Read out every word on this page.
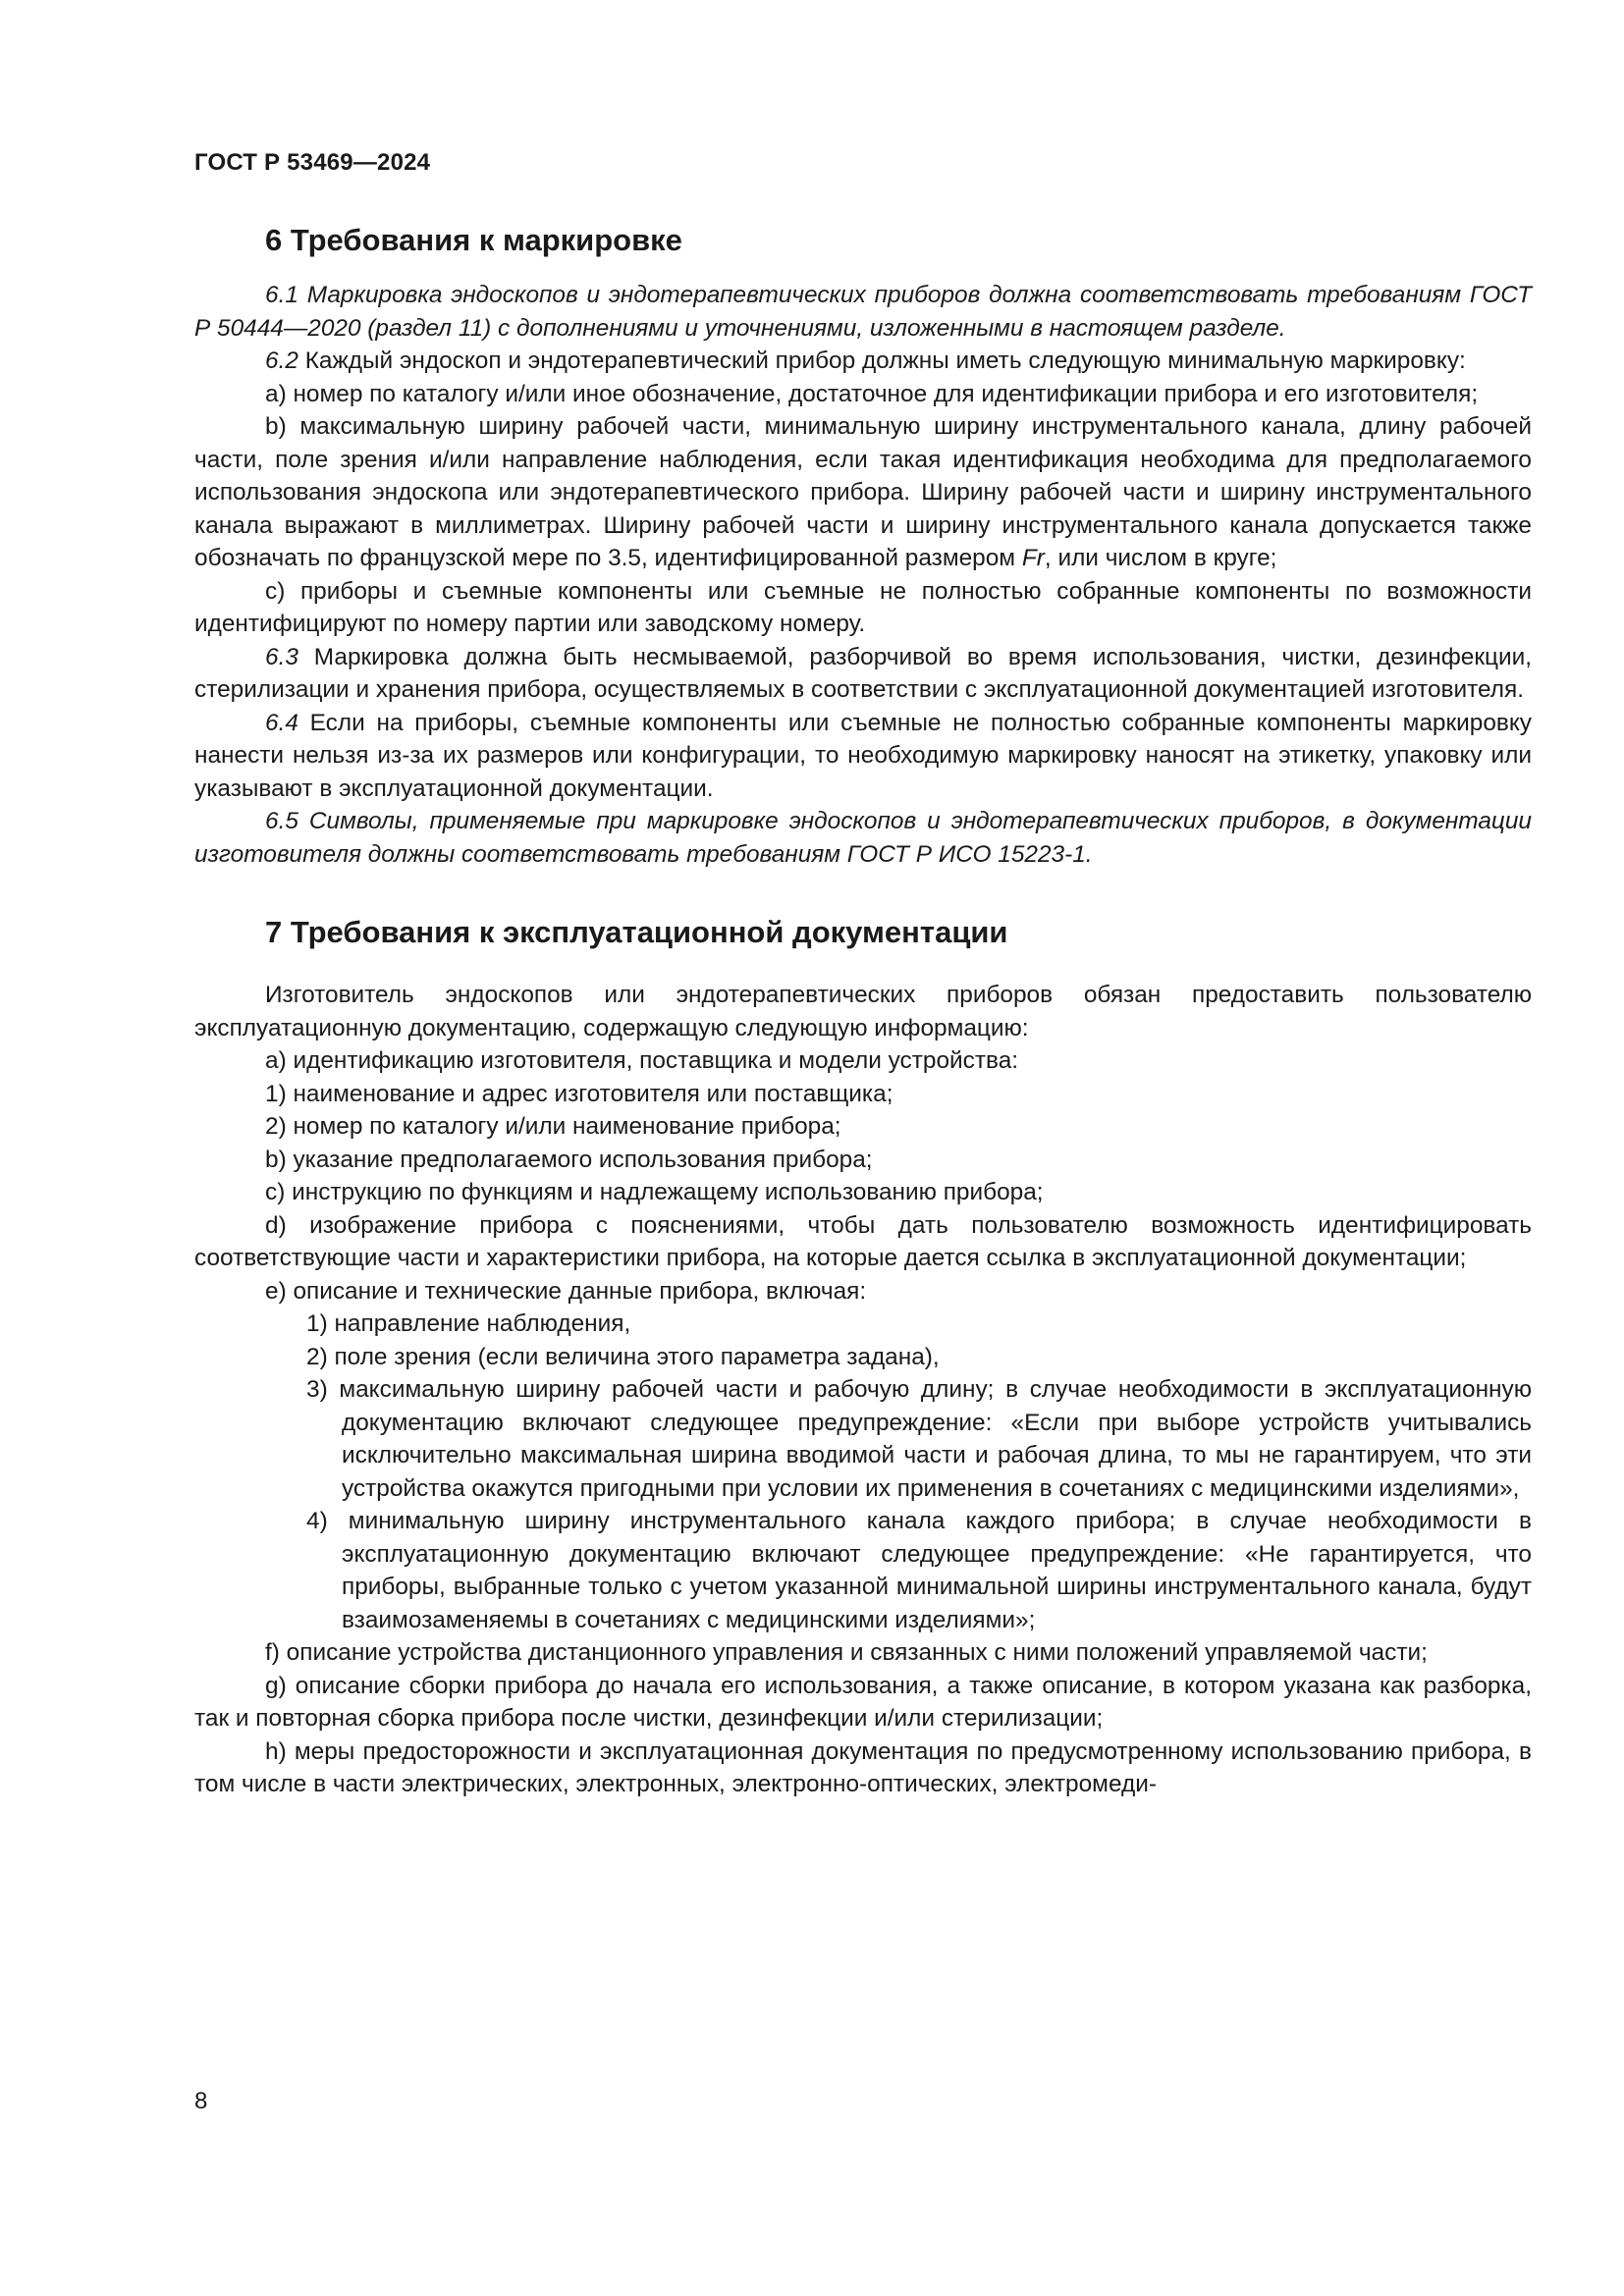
ГОСТ Р 53469—2024
6 Требования к маркировке

6.1 Маркировка эндоскопов и эндотерапевтических приборов должна соответствовать требованиям ГОСТ Р 50444—2020 (раздел 11) с дополнениями и уточнениями, изложенными в настоящем разделе.

6.2 Каждый эндоскоп и эндотерапевтический прибор должны иметь следующую минимальную маркировку:

а) номер по каталогу и/или иное обозначение, достаточное для идентификации прибора и его изготовителя;

b) максимальную ширину рабочей части, минимальную ширину инструментального канала, длину рабочей части, поле зрения и/или направление наблюдения, если такая идентификация необходима для предполагаемого использования эндоскопа или эндотерапевтического прибора. Ширину рабочей части и ширину инструментального канала выражают в миллиметрах. Ширину рабочей части и ширину инструментального канала допускается также обозначать по французской мере по 3.5, идентифицированной размером Fr, или числом в круге;

с) приборы и съемные компоненты или съемные не полностью собранные компоненты по возможности идентифицируют по номеру партии или заводскому номеру.

6.3 Маркировка должна быть несмываемой, разборчивой во время использования, чистки, дезинфекции, стерилизации и хранения прибора, осуществляемых в соответствии с эксплуатационной документацией изготовителя.

6.4 Если на приборы, съемные компоненты или съемные не полностью собранные компоненты маркировку нанести нельзя из-за их размеров или конфигурации, то необходимую маркировку наносят на этикетку, упаковку или указывают в эксплуатационной документации.

6.5 Символы, применяемые при маркировке эндоскопов и эндотерапевтических приборов, в документации изготовителя должны соответствовать требованиям ГОСТ Р ИСО 15223-1.

7 Требования к эксплуатационной документации

Изготовитель эндоскопов или эндотерапевтических приборов обязан предоставить пользователю эксплуатационную документацию, содержащую следующую информацию:

а) идентификацию изготовителя, поставщика и модели устройства:

1) наименование и адрес изготовителя или поставщика;

2) номер по каталогу и/или наименование прибора;

b) указание предполагаемого использования прибора;

с) инструкцию по функциям и надлежащему использованию прибора;

d) изображение прибора с пояснениями, чтобы дать пользователю возможность идентифицировать соответствующие части и характеристики прибора, на которые дается ссылка в эксплуатационной документации;

е) описание и технические данные прибора, включая:

1) направление наблюдения,

2) поле зрения (если величина этого параметра задана),

3) максимальную ширину рабочей части и рабочую длину; в случае необходимости в эксплуатационную документацию включают следующее предупреждение: «Если при выборе устройств учитывались исключительно максимальная ширина вводимой части и рабочая длина, то мы не гарантируем, что эти устройства окажутся пригодными при условии их применения в сочетаниях с медицинскими изделиями»,

4) минимальную ширину инструментального канала каждого прибора; в случае необходимости в эксплуатационную документацию включают следующее предупреждение: «Не гарантируется, что приборы, выбранные только с учетом указанной минимальной ширины инструментального канала, будут взаимозаменяемы в сочетаниях с медицинскими изделиями»;

f) описание устройства дистанционного управления и связанных с ними положений управляемой части;

g) описание сборки прибора до начала его использования, а также описание, в котором указана как разборка, так и повторная сборка прибора после чистки, дезинфекции и/или стерилизации;

h) меры предосторожности и эксплуатационная документация по предусмотренному использованию прибора, в том числе в части электрических, электронных, электронно-оптических, электромеди-

8
